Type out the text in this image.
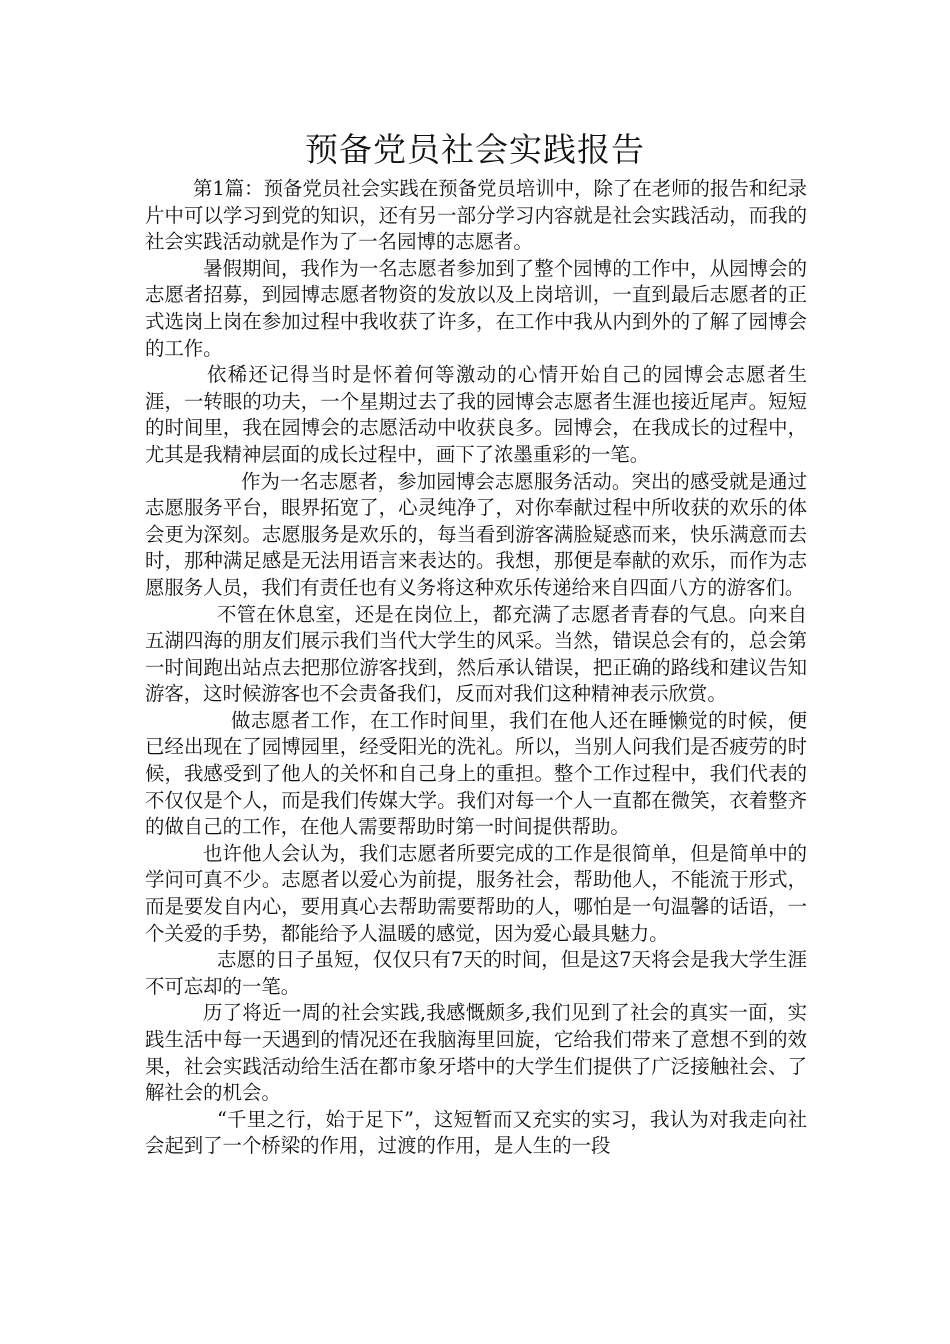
预备党员社会实践报告

第1篇：预备党员社会实践在预备党员培训中，除了在老师的报告和纪录片中可以学习到党的知识，还有另一部分学习内容就是社会实践活动，而我的社会实践活动就是作为了一名园博的志愿者。

暑假期间，我作为一名志愿者参加到了整个园博的工作中，从园博会的志愿者招募，到园博志愿者物资的发放以及上岗培训，一直到最后志愿者的正式选岗上岗在参加过程中我收获了许多，在工作中我从内到外的了解了园博会的工作。

依稀还记得当时是怀着何等激动的心情开始自己的园博会志愿者生涯，一转眼的功夫，一个星期过去了我的园博会志愿者生涯也接近尾声。短短的时间里，我在园博会的志愿活动中收获良多。园博会，在我成长的过程中，尤其是我精神层面的成长过程中，画下了浓墨重彩的一笔。

作为一名志愿者，参加园博会志愿服务活动。突出的感受就是通过志愿服务平台，眼界拓宽了，心灵纯净了，对你奉献过程中所收获的欢乐的体会更为深刻。志愿服务是欢乐的，每当看到游客满脸疑惑而来，快乐满意而去时，那种满足感是无法用语言来表达的。我想，那便是奉献的欢乐，而作为志愿服务人员，我们有责任也有义务将这种欢乐传递给来自四面八方的游客们。

不管在休息室，还是在岗位上，都充满了志愿者青春的气息。向来自五湖四海的朋友们展示我们当代大学生的风采。当然，错误总会有的，总会第一时间跑出站点去把那位游客找到，然后承认错误，把正确的路线和建议告知游客，这时候游客也不会责备我们，反而对我们这种精神表示欣赏。

做志愿者工作，在工作时间里，我们在他人还在睡懒觉的时候，便已经出现在了园博园里，经受阳光的洗礼。所以，当别人问我们是否疲劳的时候，我感受到了他人的关怀和自己身上的重担。整个工作过程中，我们代表的不仅仅是个人，而是我们传媒大学。我们对每一个人一直都在微笑，衣着整齐的做自己的工作，在他人需要帮助时第一时间提供帮助。

也许他人会认为，我们志愿者所要完成的工作是很简单，但是简单中的学问可真不少。志愿者以爱心为前提，服务社会，帮助他人，不能流于形式，而是要发自内心，要用真心去帮助需要帮助的人，哪怕是一句温馨的话语，一个关爱的手势，都能给予人温暖的感觉，因为爱心最具魅力。

志愿的日子虽短，仅仅只有7天的时间，但是这7天将会是我大学生涯不可忘却的一笔。

历了将近一周的社会实践,我感慨颇多,我们见到了社会的真实一面，实践生活中每一天遇到的情况还在我脑海里回旋，它给我们带来了意想不到的效果，社会实践活动给生活在都市象牙塔中的大学生们提供了广泛接触社会、了解社会的机会。

“千里之行，始于足下”，这短暂而又充实的实习，我认为对我走向社会起到了一个桥梁的作用，过渡的作用，是人生的一段
